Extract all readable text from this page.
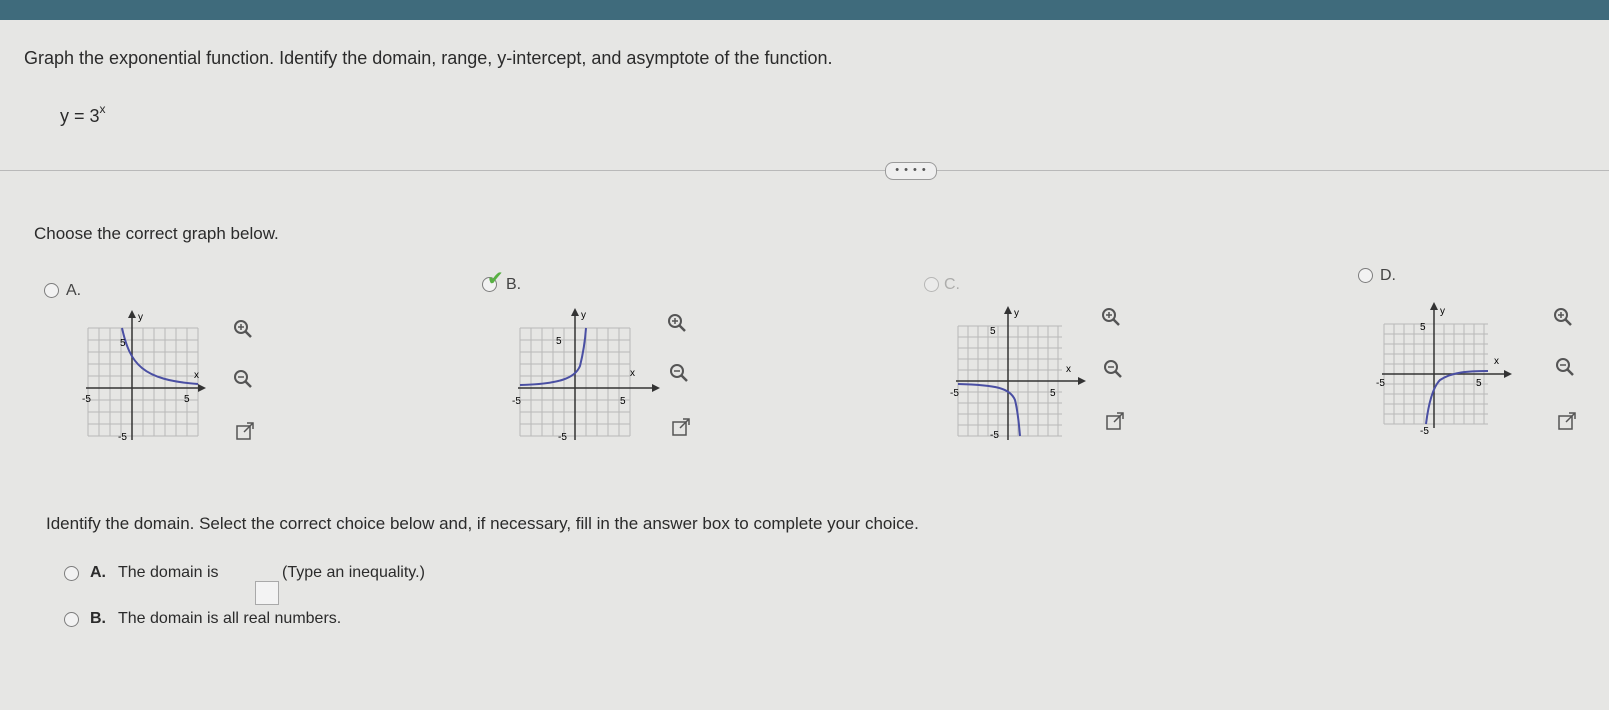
Graph the exponential function. Identify the domain, range, y-intercept, and asymptote of the function.
$y = 3^x$
• • • •
Choose the correct graph below.
A.
y
x
5
-5	5
-5
✔ B.
y
x
5
-5	5
-5
C.
y
x
5
-5	5
-5
D.
y
x
5
-5	5
-5
Identify the domain. Select the correct choice below and, if necessary, fill in the answer box to complete your choice.
A. The domain is	(Type an inequality.)
B. The domain is all real numbers.
